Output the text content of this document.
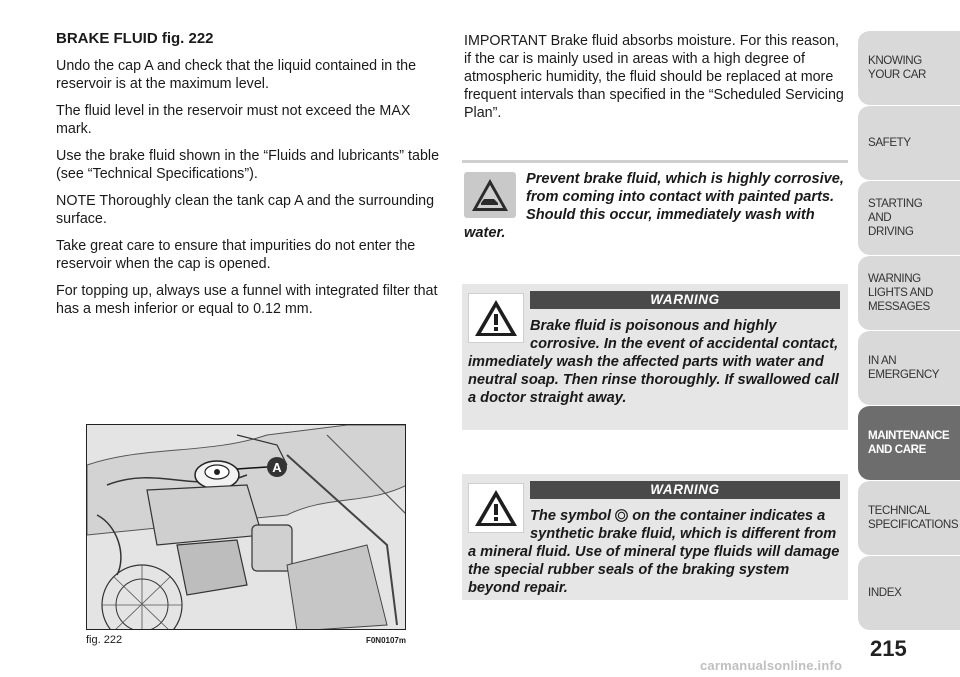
BRAKE FLUID fig. 222

Undo the cap A and check that the liquid contained in the reservoir is at the maximum level.

The fluid level in the reservoir must not exceed the MAX mark.

Use the brake fluid shown in the “Fluids and lubricants” table (see “Technical Specifications”).

NOTE Thoroughly clean the tank cap A and the surrounding surface.

Take great care to ensure that impurities do not enter the reservoir when the cap is opened.

For topping up, always use a funnel with integrated filter that has a mesh inferior or equal to 0.12 mm.

A
fig. 222	F0N0107m

IMPORTANT Brake fluid absorbs moisture. For this reason, if the car is mainly used in areas with a high degree of atmospheric humidity, the fluid should be replaced at more frequent intervals than specified in the “Scheduled Servicing Plan”.

Prevent brake fluid, which is highly corrosive, from coming into contact with painted parts. Should this occur, immediately wash with water.
WARNING

Brake fluid is poisonous and highly corrosive. In the event of accidental contact, immediately wash the affected parts with water and neutral soap. Then rinse thoroughly. If swallowed call a doctor straight away.

WARNING

The symbol on the container indicates a synthetic brake fluid, which is different from a mineral fluid. Use of mineral type fluids will damage the special rubber seals of the braking system beyond repair.

KNOWING
YOUR CAR
SAFETY
STARTING
AND
DRIVING
WARNING
LIGHTS AND
MESSAGES
IN AN
EMERGENCY
MAINTENANCE
AND CARE
TECHNICAL
SPECIFICATIONS
INDEX
215
carmanualsonline.info
